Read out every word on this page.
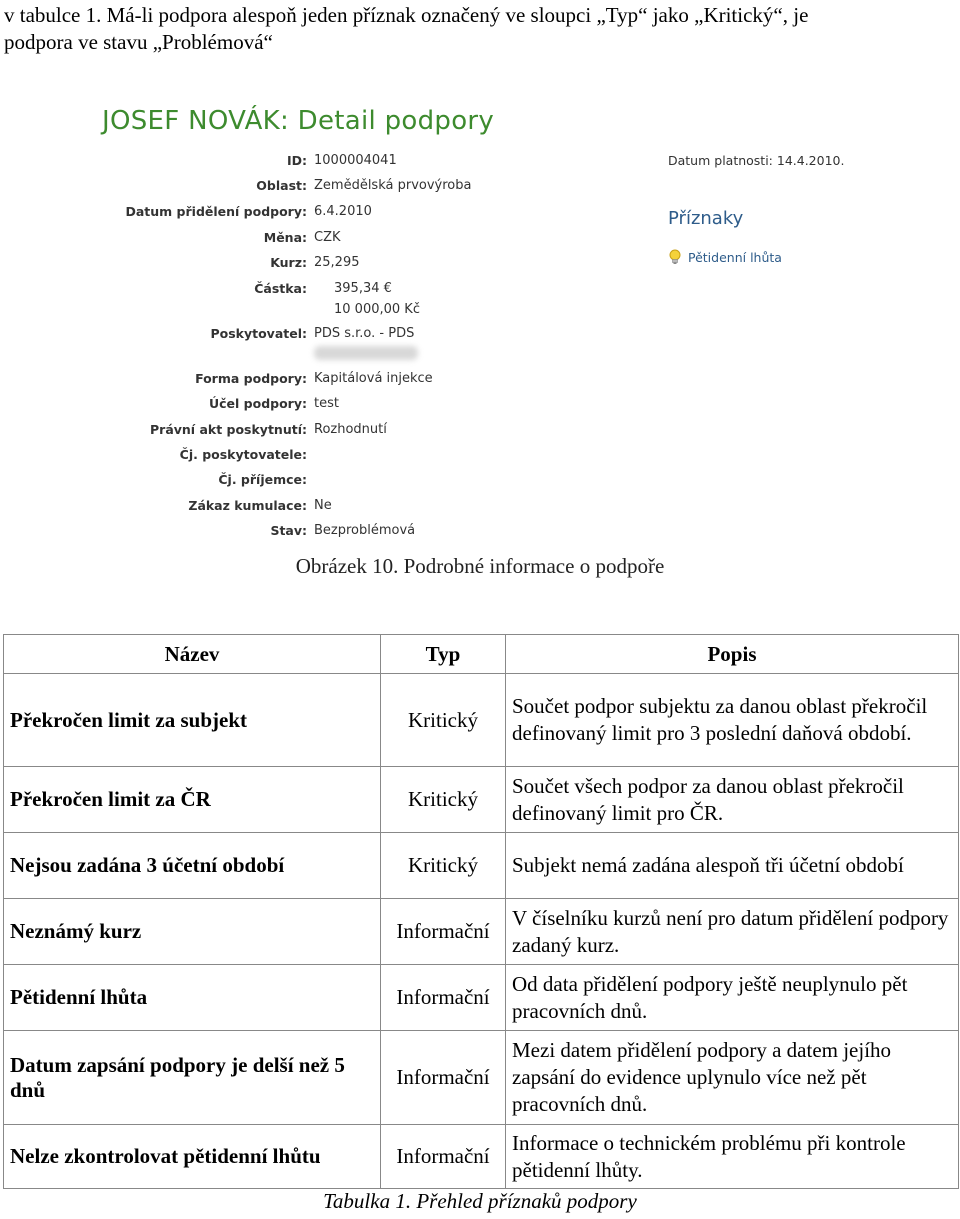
v tabulce 1. Má-li podpora alespoň jeden příznak označený ve sloupci „Typ“ jako „Kritický“, je

podpora ve stavu „Problémová“

JOSEF NOVÁK: Detail podpory
ID: 1000004041
Oblast: Zemědělská prvovýroba
Datum přidělení podpory: 6.4.2010
Měna: CZK
Kurz: 25,295
Částka: 395,34 €
10 000,00 Kč
Poskytovatel: PDS s.r.o. - PDS
Forma podpory: Kapitálová injekce
Účel podpory: test
Právní akt poskytnutí: Rozhodnutí
Čj. poskytovatele:
Čj. příjemce:
Zákaz kumulace: Ne
Stav: Bezproblémová
Datum platnosti: 14.4.2010.
Příznaky
Pětidenní lhůta
Obrázek 10. Podrobné informace o podpoře
Název	Typ	Popis
Překročen limit za subjekt	Kritický	Součet podpor subjektu za danou oblast překročil definovaný limit pro 3 poslední daňová období.
Překročen limit za ČR	Kritický	Součet všech podpor za danou oblast překročil definovaný limit pro ČR.
Nejsou zadána 3 účetní období	Kritický	Subjekt nemá zadána alespoň tři účetní období
Neznámý kurz	Informační	V číselníku kurzů není pro datum přidělení podpory zadaný kurz.
Pětidenní lhůta	Informační	Od data přidělení podpory ještě neuplynulo pět pracovních dnů.
Datum zapsání podpory je delší než 5 dnů	Informační	Mezi datem přidělení podpory a datem jejího zapsání do evidence uplynulo více než pět pracovních dnů.
Nelze zkontrolovat pětidenní lhůtu	Informační	Informace o technickém problému při kontrole pětidenní lhůty.
Tabulka 1. Přehled příznaků podpory
